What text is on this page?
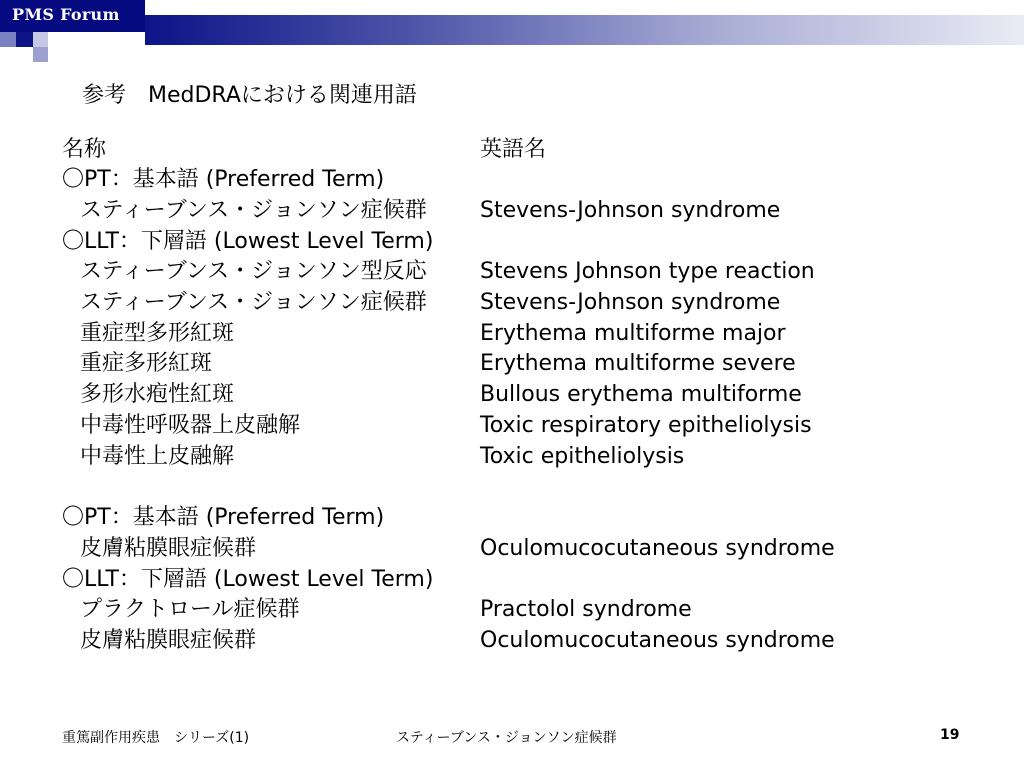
PMS Forum
参考　MedDRAにおける関連用語
名称	英語名
〇PT：基本語 (Preferred Term)
スティーブンス・ジョンソン症候群 Stevens-Johnson syndrome
〇LLT：下層語 (Lowest Level Term)
スティーブンス・ジョンソン型反応 Stevens Johnson type reaction
スティーブンス・ジョンソン症候群 Stevens-Johnson syndrome
重症型多形紅斑	Erythema multiforme major
重症多形紅斑	Erythema multiforme severe
多形水疱性紅斑	Bullous erythema multiforme
中毒性呼吸器上皮融解	Toxic respiratory epitheliolysis
中毒性上皮融解	Toxic epitheliolysis
〇PT：基本語 (Preferred Term)
皮膚粘膜眼症候群	Oculomucocutaneous syndrome
〇LLT：下層語 (Lowest Level Term)
プラクトロール症候群	Practolol syndrome
皮膚粘膜眼症候群	Oculomucocutaneous syndrome
重篤副作用疾患　シリーズ(1)	スティーブンス・ジョンソン症候群	19
